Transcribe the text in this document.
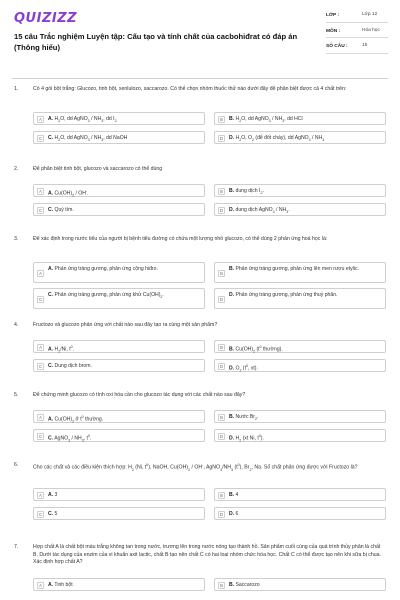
QUIZIZZ
15 câu Trắc nghiệm Luyện tập: Cấu tạo và tính chất của cacbohiđrat có đáp án (Thông hiểu)
LỚP :	Lớp 12
MÔN :	Hóa học
SỐ CÂU :	15
1.	Có 4 gói bột trắng: Glucozo, tinh bột, xenlulozo, saccarozo. Có thể chọn nhóm thuốc thử nào dưới đây để phân biệt được cả 4 chất trên:
A	A. $H_2O$, dd AgNO$_3$ / $NH_3$, dd $I_2$	B	B. $H_2O$, dd AgNO$_3$ / $NH_3$, dd HCl
C	C. $H_2O$, dd AgNO$_3$ / $NH_3$, dd NaOH	D	D. $H_2O$, $O_2$ (để đốt cháy), dd AgNO$_3$ / $NH_3$
2.	Để phân biệt tinh bột, glucozo và saccarozo có thể dùng
A	A. $Cu(OH)_2 / OH^-$.	B	B. dung dịch $I_2$.
C	C. Quỳ tím.	D	D. dung dịch AgNO$_3$ / $NH_3$.
3.	Để xác định trong nước tiểu của người bị bệnh tiểu đường có chứa một lượng nhỏ glucozo, có thể dùng 2 phản ứng hoá học là:
A
A. Phản ứng tráng gương, phản ứng cộng hiđro.
B
B. Phản ứng tráng gương, phản ứng lên men rượu etylic.
C
C. Phản ứng tráng gương, phản ứng khử $Cu(OH)_2$.
D
D. Phản ứng tráng gương, phản ứng thuỷ phân.
4.	Fructozo và glucozo phản ứng với chất nào sau đây tạo ra cùng một sản phẩm?
A	A. $H_2/Ni$, $t^0$.	B	B. $Cu(OH)_2$ ($t^0$ thường).
C	C. Dung dịch brom.	D	D. $O_2$ ($t^0$, xt).
5.	Để chứng minh glucozo có tính oxi hóa cần cho glucozo tác dụng với các chất nào sau đây?
A	A. $Cu(OH)_2$ ở $t^0$ thường.	B	B. Nước $Br_2$.
C	C. AgNO$_3$ / $NH_3$, $t^0$.	D	D. $H_2$ (xt Ni, $t^0$).
6.	Cho các chất và các điều kiện thích hợp: $H_2$ (Ni, $t^0$), NaOH, $Cu(OH)_2 / OH^-$, $AgNO_3/NH_3$ $(t^0)$, $Br_2$, Na. Số chất phản ứng được với Fructozo là?
A	A. 3	B	B. 4
C	C. 5	D	D. 6
7.	Hợp chất A là chất bột màu trắng không tan trong nước, trương lên trong nước nóng tạo thành hồ. Sản phẩm cuối cùng của quá trình thủy phân là chất B. Dưới tác dụng của enzim của vi khuẩn axit lactic, chất B tạo nên chất C có hai loại nhóm chức hóa học. Chất C có thể được tạo nên khi sữa bị chua. Xác định hợp chất A?
A	A. Tinh bột	B	B. Saccarozo
